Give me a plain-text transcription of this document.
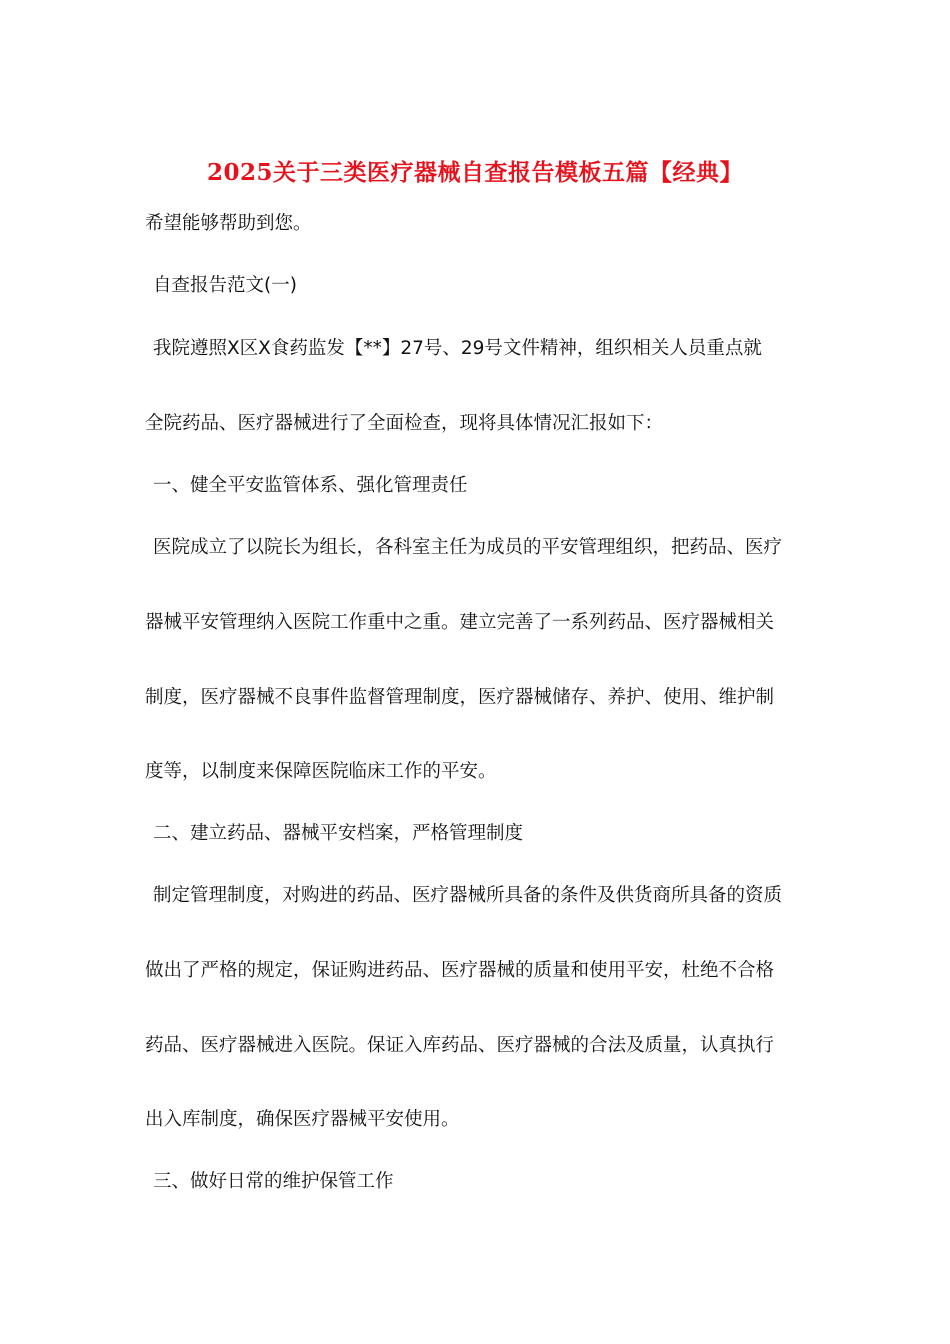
2025关于三类医疗器械自查报告模板五篇【经典】
希望能够帮助到您。
自查报告范文(一)
我院遵照X区X食药监发【**】27号、29号文件精神，组织相关人员重点就
全院药品、医疗器械进行了全面检查，现将具体情况汇报如下：
一、健全平安监管体系、强化管理责任
医院成立了以院长为组长，各科室主任为成员的平安管理组织，把药品、医疗
器械平安管理纳入医院工作重中之重。建立完善了一系列药品、医疗器械相关
制度，医疗器械不良事件监督管理制度，医疗器械储存、养护、使用、维护制
度等，以制度来保障医院临床工作的平安。
二、建立药品、器械平安档案，严格管理制度
制定管理制度，对购进的药品、医疗器械所具备的条件及供货商所具备的资质
做出了严格的规定，保证购进药品、医疗器械的质量和使用平安，杜绝不合格
药品、医疗器械进入医院。保证入库药品、医疗器械的合法及质量，认真执行
出入库制度，确保医疗器械平安使用。
三、做好日常的维护保管工作
